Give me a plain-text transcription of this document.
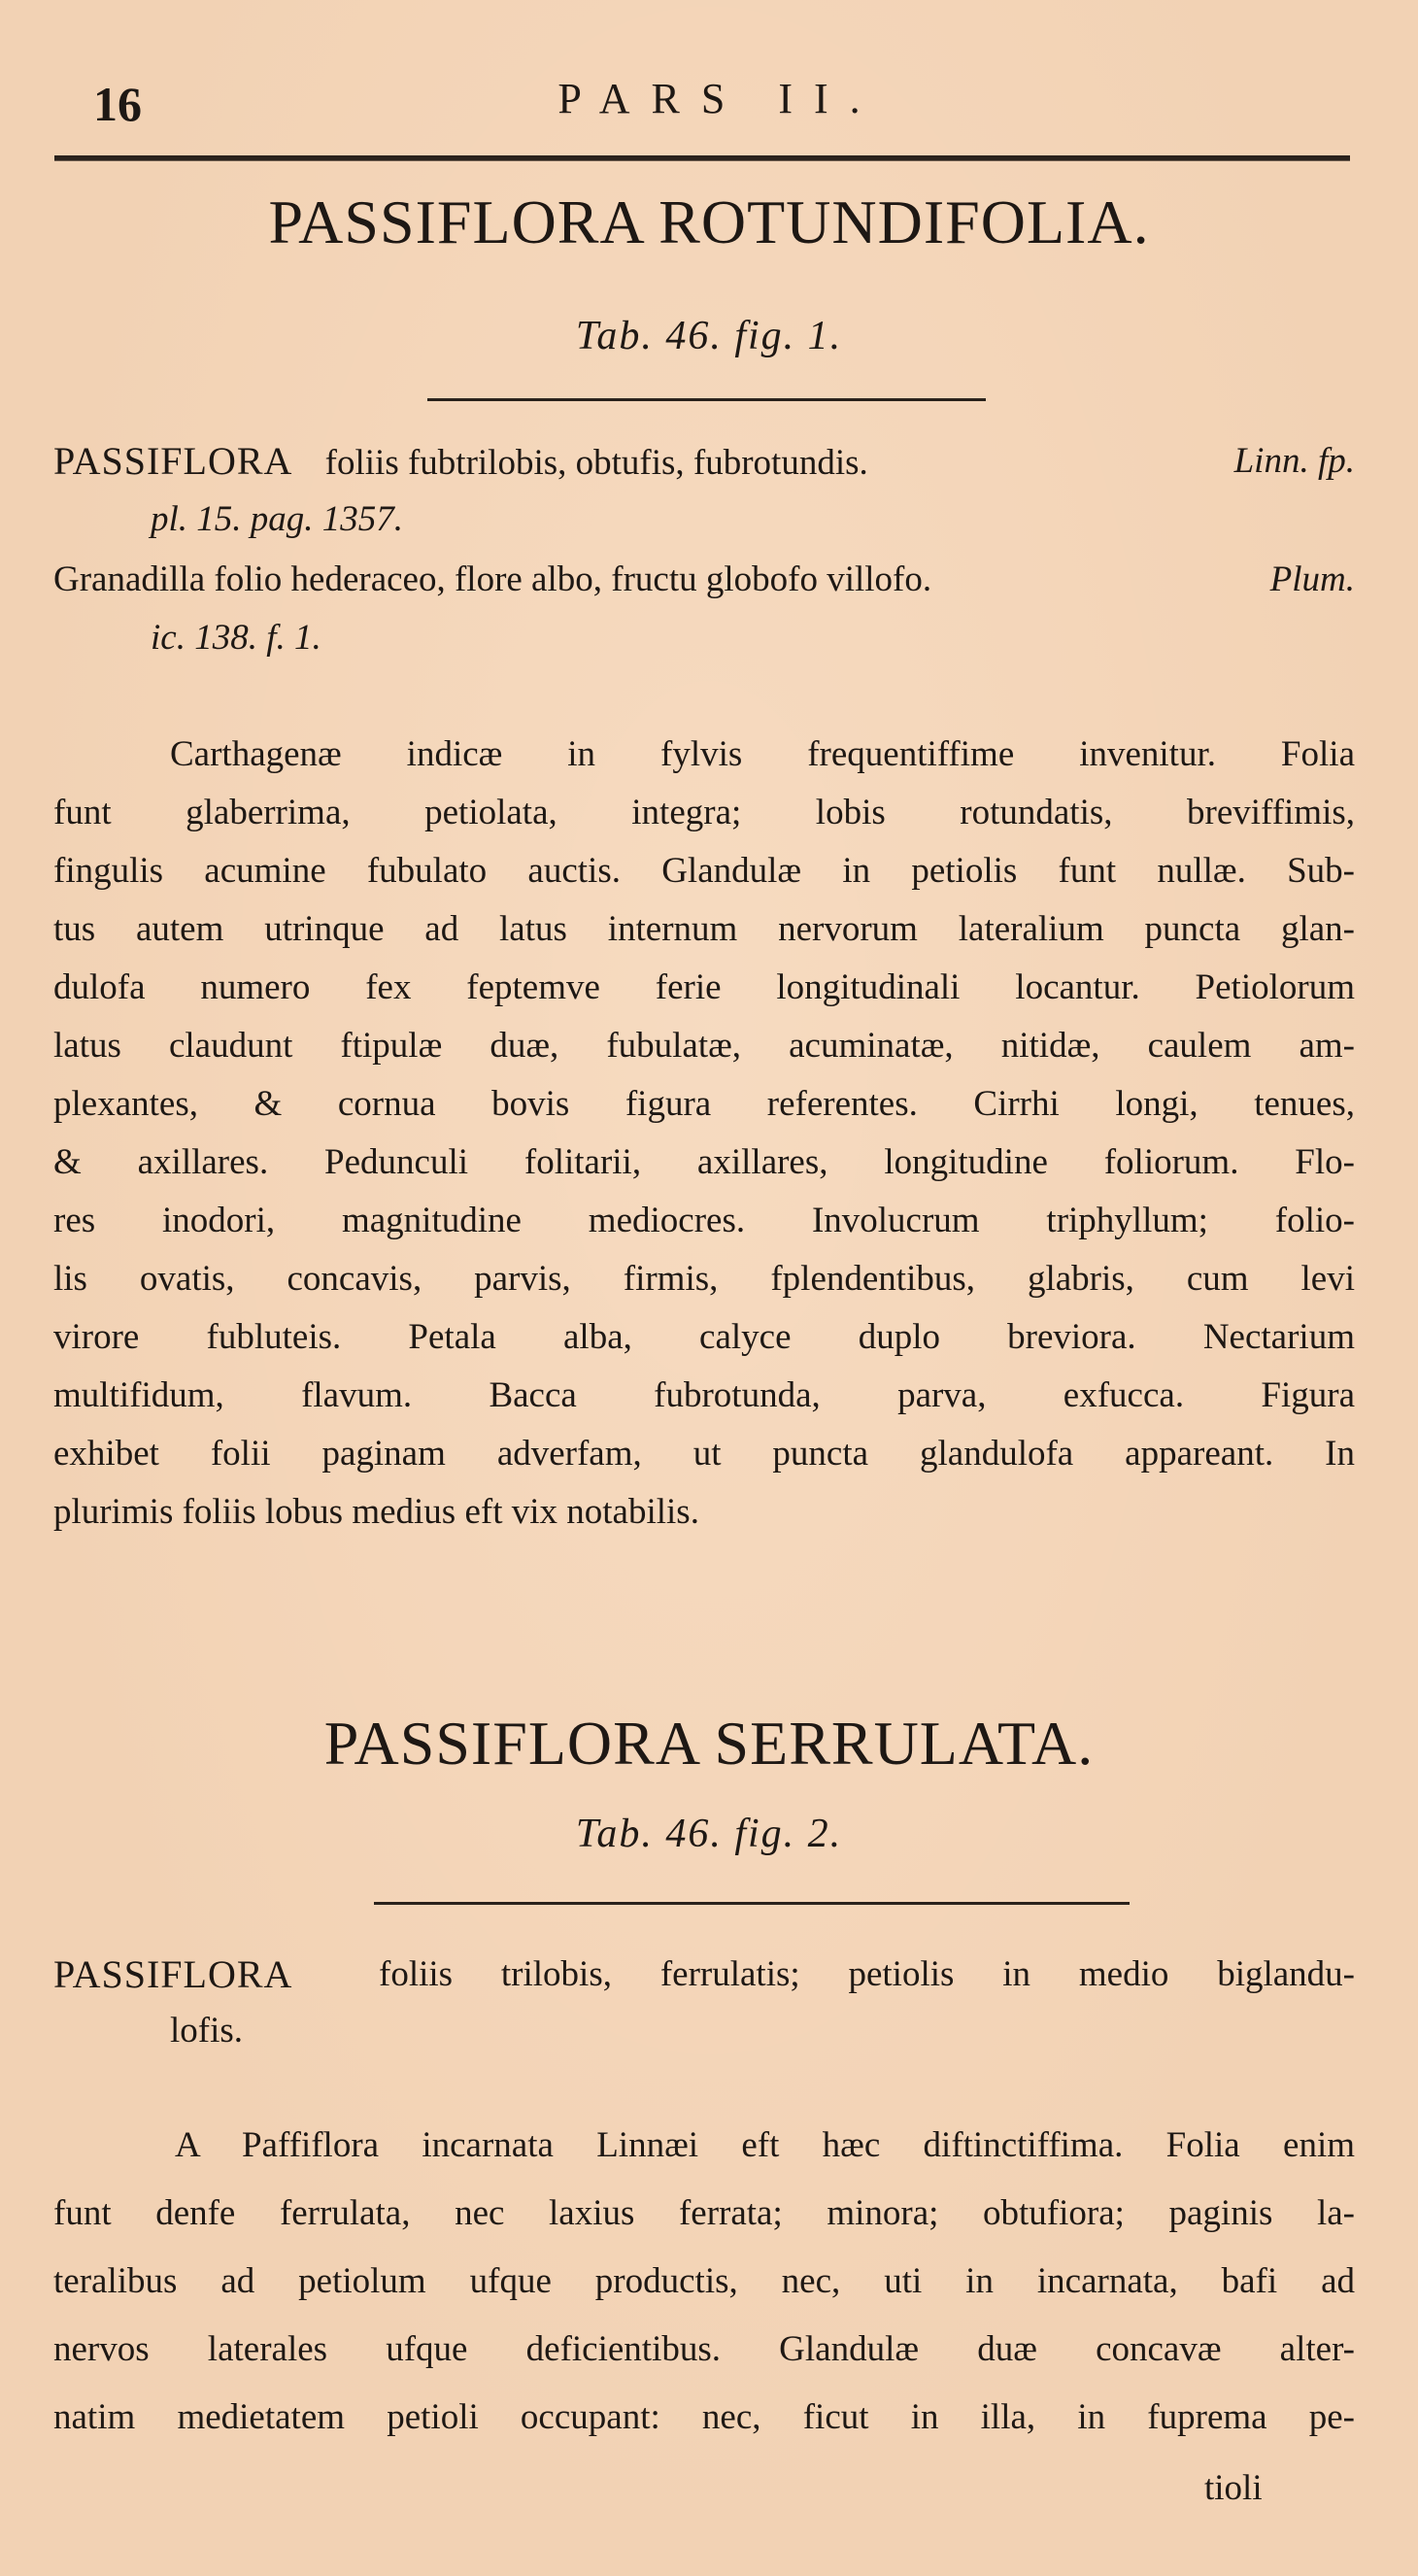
16	PARS II.
PASSIFLORA ROTUNDIFOLIA.
Tab. 46. fig. 1.
PASSIFLORA foliis fubtrilobis, obtufis, fubrotundis.	Linn. fp.
pl. 15. pag. 1357.
Granadilla folio hederaceo, flore albo, fructu globofo villofo.	Plum.
ic. 138. f. 1.
Carthagenæ indicæ in fylvis frequentiffime invenitur. Folia
funt glaberrima, petiolata, integra; lobis rotundatis, breviffimis,
fingulis acumine fubulato auctis. Glandulæ in petiolis funt nullæ. Sub-
tus autem utrinque ad latus internum nervorum lateralium puncta glan-
dulofa numero fex feptemve ferie longitudinali locantur. Petiolorum
latus claudunt ftipulæ duæ, fubulatæ, acuminatæ, nitidæ, caulem am-
plexantes, & cornua bovis figura referentes. Cirrhi longi, tenues,
& axillares. Pedunculi folitarii, axillares, longitudine foliorum. Flo-
res inodori, magnitudine mediocres. Involucrum triphyllum; folio-
lis ovatis, concavis, parvis, firmis, fplendentibus, glabris, cum levi
virore fubluteis. Petala alba, calyce duplo breviora. Nectarium
multifidum, flavum. Bacca fubrotunda, parva, exfucca. Figura
exhibet folii paginam adverfam, ut puncta glandulofa appareant. In
plurimis foliis lobus medius eft vix notabilis.
PASSIFLORA SERRULATA.
Tab. 46. fig. 2.
PASSIFLORA foliis trilobis, ferrulatis; petiolis in medio biglandu-
lofis.
A Paffiflora incarnata Linnæi eft hæc diftinctiffima. Folia enim
funt denfe ferrulata, nec laxius ferrata; minora; obtufiora; paginis la-
teralibus ad petiolum ufque productis, nec, uti in incarnata, bafi ad
nervos laterales ufque deficientibus. Glandulæ duæ concavæ alter-
natim medietatem petioli occupant: nec, ficut in illa, in fuprema pe-
tioli
